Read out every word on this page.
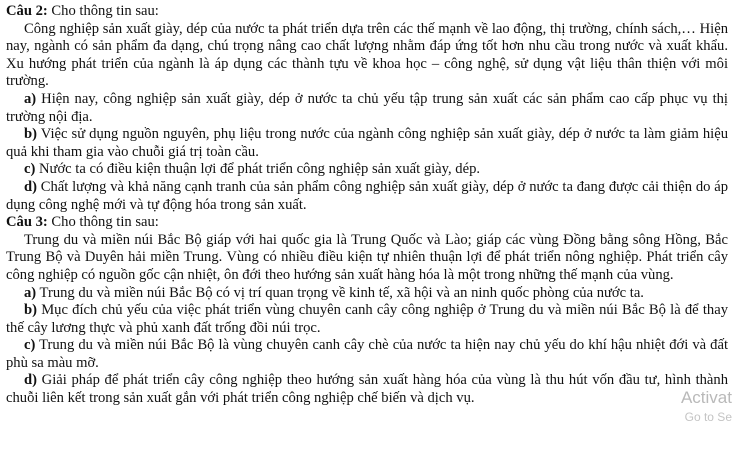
Câu 2: Cho thông tin sau:

Công nghiệp sản xuất giày, dép của nước ta phát triển dựa trên các thế mạnh về lao động, thị trường, chính sách,… Hiện nay, ngành có sản phẩm đa dạng, chú trọng nâng cao chất lượng nhằm đáp ứng tốt hơn nhu cầu trong nước và xuất khẩu. Xu hướng phát triển của ngành là áp dụng các thành tựu về khoa học – công nghệ, sử dụng vật liệu thân thiện với môi trường.

a) Hiện nay, công nghiệp sản xuất giày, dép ở nước ta chủ yếu tập trung sản xuất các sản phẩm cao cấp phục vụ thị trường nội địa.

b) Việc sử dụng nguồn nguyên, phụ liệu trong nước của ngành công nghiệp sản xuất giày, dép ở nước ta làm giảm hiệu quả khi tham gia vào chuỗi giá trị toàn cầu.

c) Nước ta có điều kiện thuận lợi để phát triển công nghiệp sản xuất giày, dép.

d) Chất lượng và khả năng cạnh tranh của sản phẩm công nghiệp sản xuất giày, dép ở nước ta đang được cải thiện do áp dụng công nghệ mới và tự động hóa trong sản xuất.

Câu 3: Cho thông tin sau:

Trung du và miền núi Bắc Bộ giáp với hai quốc gia là Trung Quốc và Lào; giáp các vùng Đồng bằng sông Hồng, Bắc Trung Bộ và Duyên hải miền Trung. Vùng có nhiều điều kiện tự nhiên thuận lợi để phát triển nông nghiệp. Phát triển cây công nghiệp có nguồn gốc cận nhiệt, ôn đới theo hướng sản xuất hàng hóa là một trong những thế mạnh của vùng.

a) Trung du và miền núi Bắc Bộ có vị trí quan trọng về kinh tế, xã hội và an ninh quốc phòng của nước ta.

b) Mục đích chủ yếu của việc phát triển vùng chuyên canh cây công nghiệp ở Trung du và miền núi Bắc Bộ là để thay thế cây lương thực và phủ xanh đất trống đồi núi trọc.

c) Trung du và miền núi Bắc Bộ là vùng chuyên canh cây chè của nước ta hiện nay chủ yếu do khí hậu nhiệt đới và đất phù sa màu mỡ.

d) Giải pháp để phát triển cây công nghiệp theo hướng sản xuất hàng hóa của vùng là thu hút vốn đầu tư, hình thành chuỗi liên kết trong sản xuất gắn với phát triển công nghiệp chế biến và dịch vụ.	Activat
Go to Se
